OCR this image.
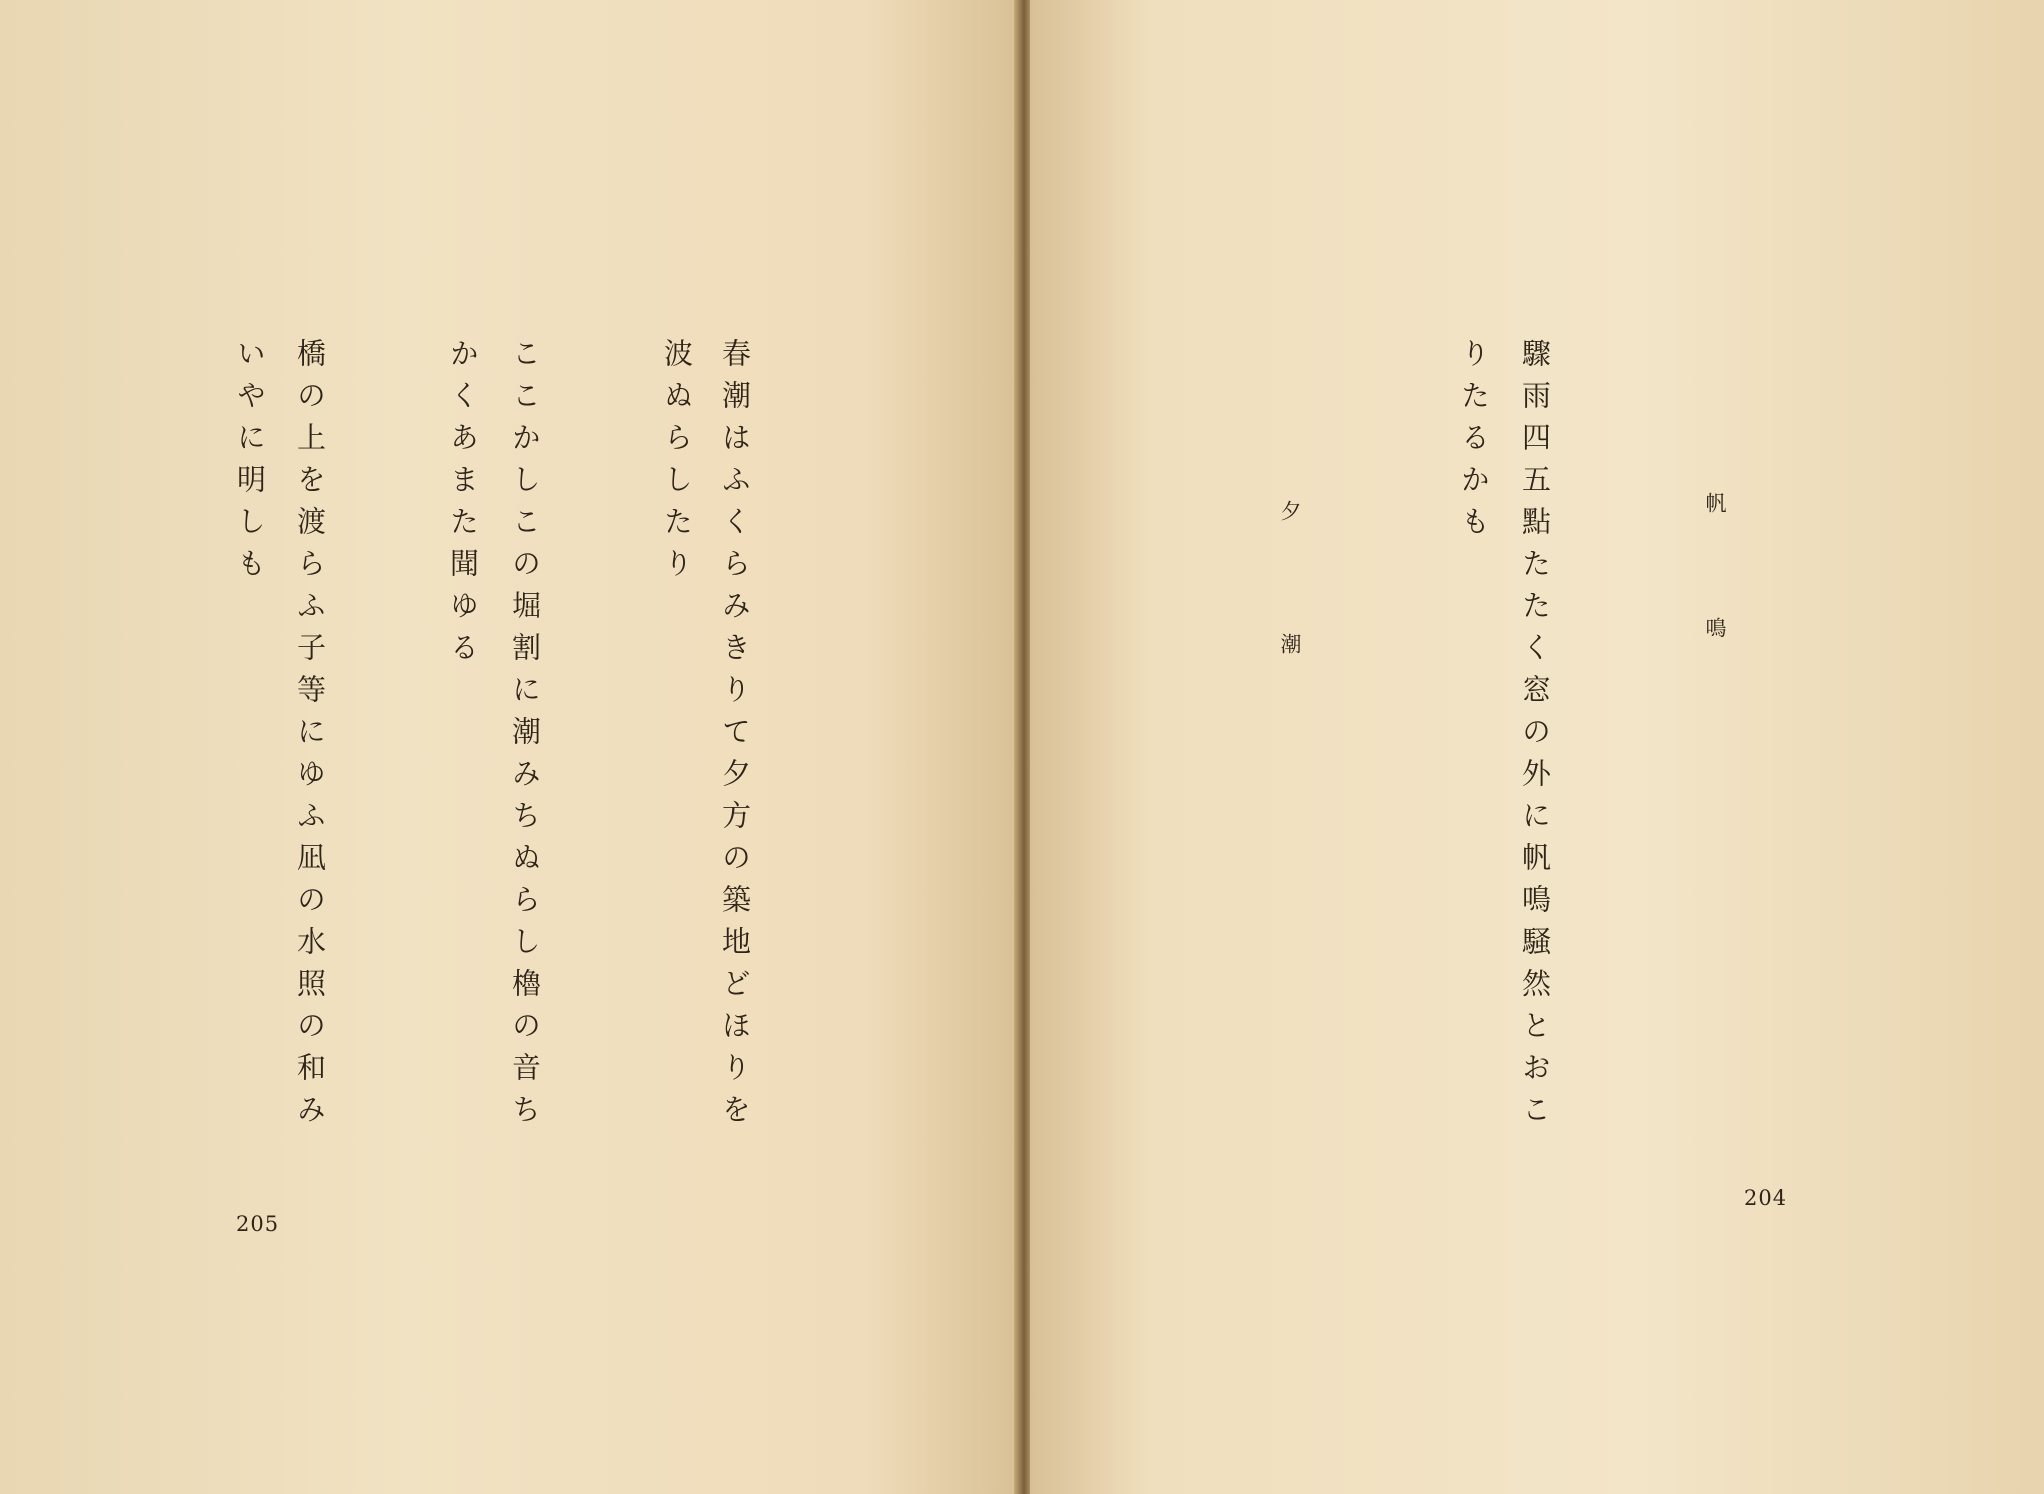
春潮はふくらみきりて夕方の築地どほりを
波ぬらしたり
ここかしこの堀割に潮みちぬらし櫓の音ち
かくあまた聞ゆる
橋の上を渡らふ子等にゆふ凪の水照の和み
いやに明しも
205
帆鳴
驟雨四五點たたく窓の外に帆鳴騒然とおこ
りたるかも
夕潮
204
